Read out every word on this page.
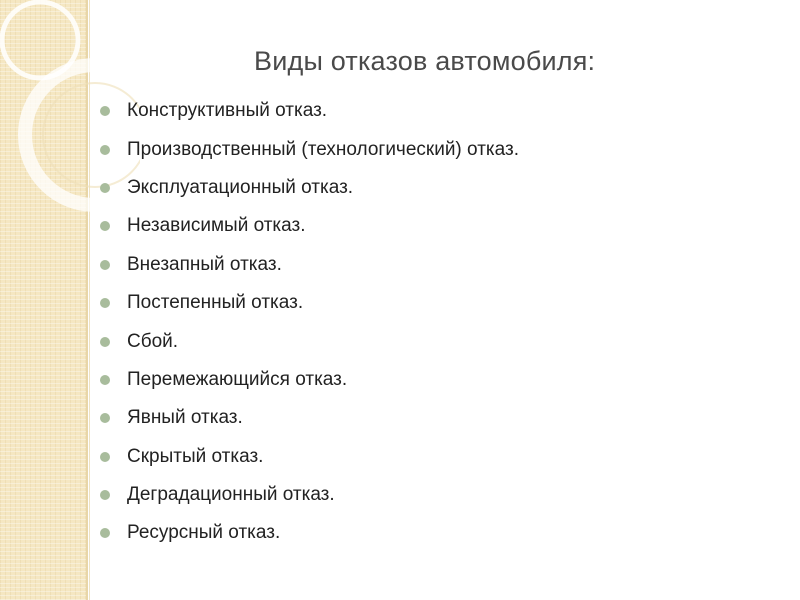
Виды отказов автомобиля:
Конструктивный отказ.
Производственный (технологический) отказ.
Эксплуатационный отказ.
Независимый отказ.
Внезапный отказ.
Постепенный отказ.
Сбой.
Перемежающийся отказ.
Явный отказ.
Скрытый отказ.
Деградационный отказ.
Ресурсный отказ.
